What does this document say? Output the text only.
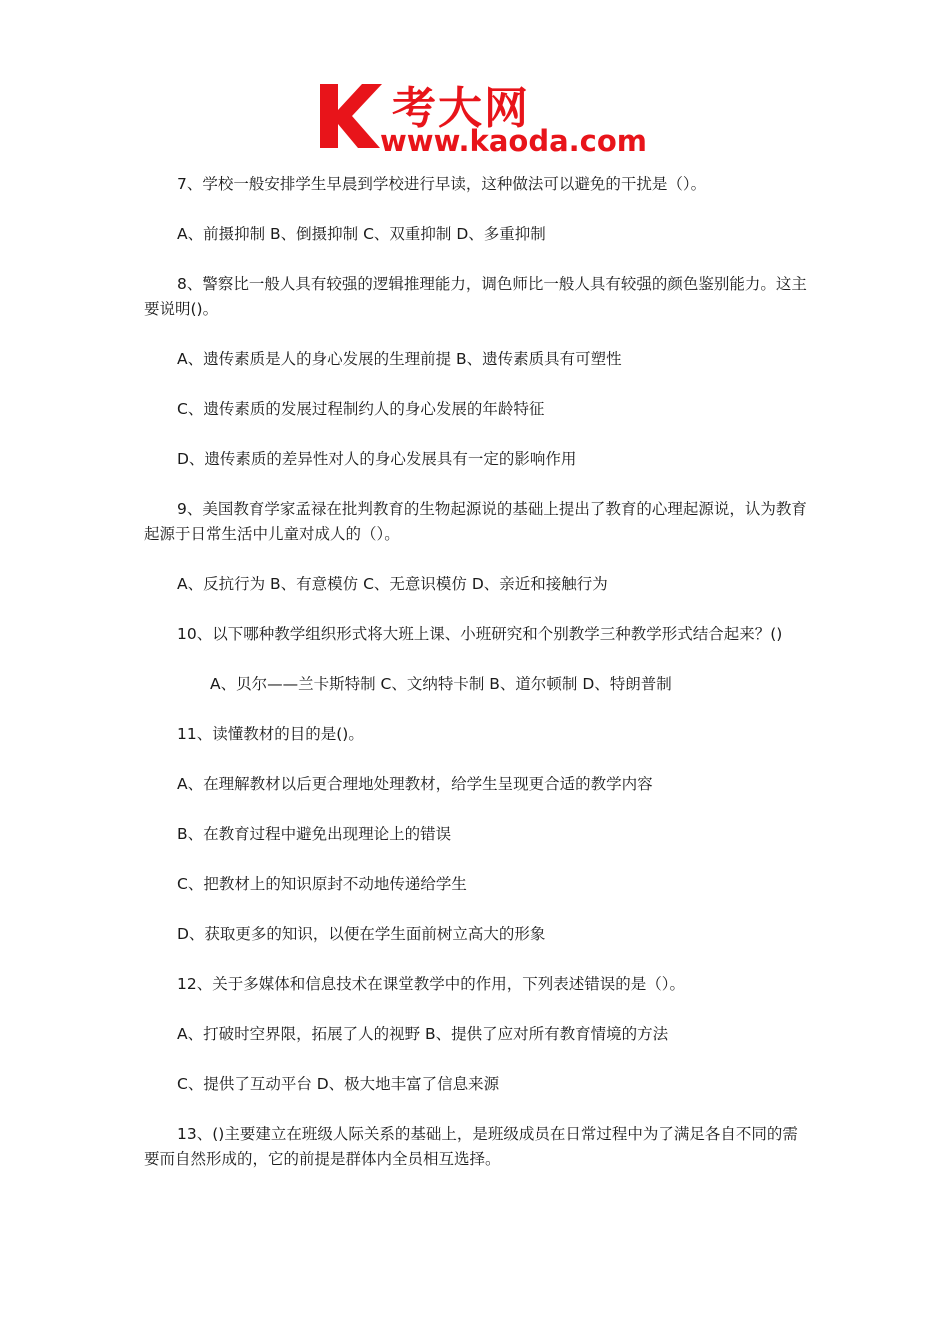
考大网
www.kaoda.com

7、学校一般安排学生早晨到学校进行早读，这种做法可以避免的干扰是（）。

A、前摄抑制 B、倒摄抑制 C、双重抑制 D、多重抑制

8、警察比一般人具有较强的逻辑推理能力，调色师比一般人具有较强的颜色鉴别能力。这主要说明()。

A、遗传素质是人的身心发展的生理前提 B、遗传素质具有可塑性

C、遗传素质的发展过程制约人的身心发展的年龄特征

D、遗传素质的差异性对人的身心发展具有一定的影响作用

9、美国教育学家孟禄在批判教育的生物起源说的基础上提出了教育的心理起源说，认为教育起源于日常生活中儿童对成人的（）。

A、反抗行为 B、有意模仿 C、无意识模仿 D、亲近和接触行为

10、以下哪种教学组织形式将大班上课、小班研究和个别教学三种教学形式结合起来？()

A、贝尔——兰卡斯特制 C、文纳特卡制 B、道尔顿制 D、特朗普制

11、读懂教材的目的是()。

A、在理解教材以后更合理地处理教材，给学生呈现更合适的教学内容

B、在教育过程中避免出现理论上的错误

C、把教材上的知识原封不动地传递给学生

D、获取更多的知识，以便在学生面前树立高大的形象

12、关于多媒体和信息技术在课堂教学中的作用，下列表述错误的是（）。

A、打破时空界限，拓展了人的视野 B、提供了应对所有教育情境的方法

C、提供了互动平台 D、极大地丰富了信息来源

13、()主要建立在班级人际关系的基础上，是班级成员在日常过程中为了满足各自不同的需要而自然形成的，它的前提是群体内全员相互选择。
